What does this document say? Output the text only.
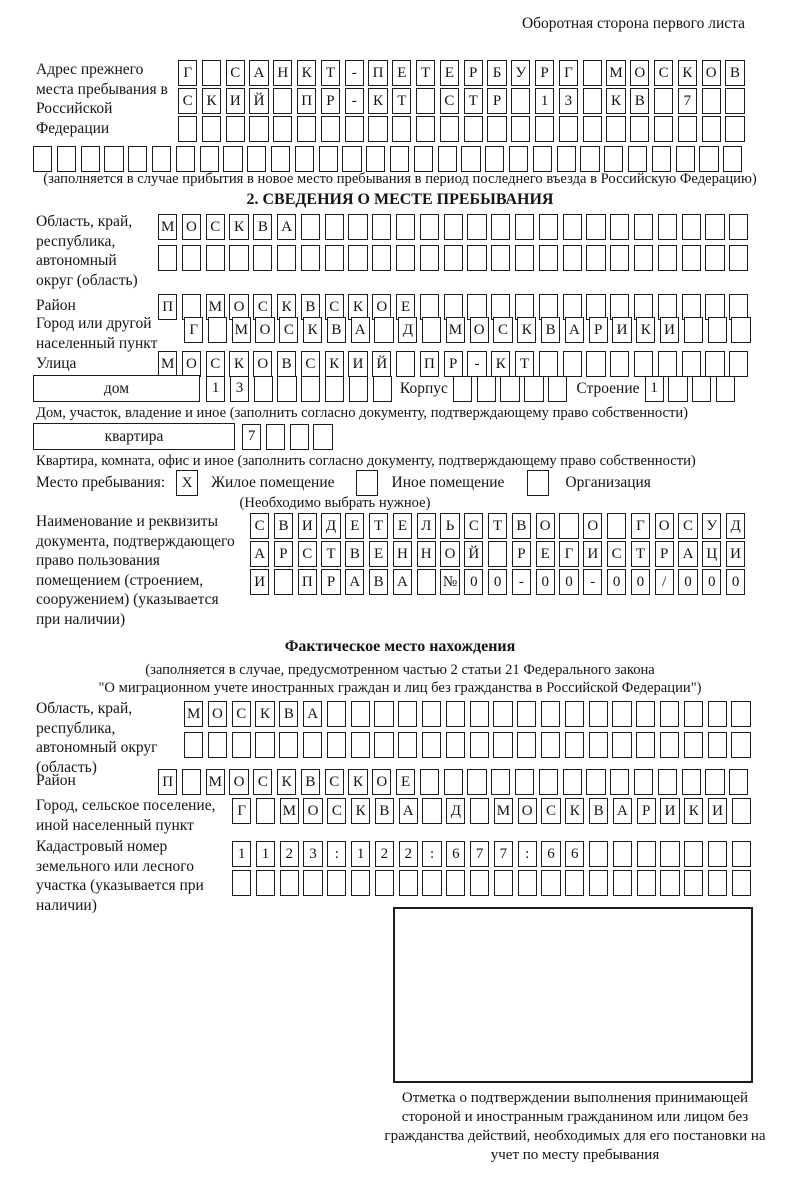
Оборотная сторона первого листа
Адрес прежнего места пребывания в Российской Федерации
Г	С А Н К Т	-	П Е Т Е	Р	Б У Р	Г	М О С К О В
С К И Й П Р	-	К Т	С Т	Р	1	3	К В	7
(заполняется в случае прибытия в новое место пребывания в период последнего въезда в Российскую Федерацию)
2. СВЕДЕНИЯ О МЕСТЕ ПРЕБЫВАНИЯ
Область, край, республика, автономный округ (область)
М О С К В А
Район	П М О С К В С К О Е
Город или другой населенный пункт
Г	М О С К В А	Д	М О С К В А Р И К И
Улица	М О С К О В С К И Й П Р	-	К Т
дом	1	3	Корпус	Строение 1
Дом, участок, владение и иное (заполнить согласно документу, подтверждающему право собственности)
квартира	7
Квартира, комната, офис и иное (заполнить согласно документу, подтверждающему право собственности)
Место пребывания:	X	Жилое помещение	Иное помещение	Организация
(Необходимо выбрать нужное)
Наименование и реквизиты документа, подтверждающего право пользования помещением (строением, сооружением) (указывается при наличии)
С В И Д Е Т Е Л Ь С Т В О О	Г О С У Д
А Р С Т В Е Н Н О Й	Р	Е Г И С Т	Р А Ц И
И П Р А В А № 0	0	-	0	0	-	0	0	/	0	0	0
Фактическое место нахождения
(заполняется в случае, предусмотренном частью 2 статьи 21 Федерального закона
"О миграционном учете иностранных граждан и лиц без гражданства в Российской Федерации")
Область, край, республика, автономный округ (область)
М О С К В А
Район	П М О С К В С К О Е
Город, сельское поселение, иной населенный пункт
Г	М О С К В А	Д	М О С К В А Р И К И
Кадастровый номер земельного или лесного участка (указывается при наличии)
1	1	2	3	:	1	2	2	:	6	7	7	:	6	6
Отметка о подтверждении выполнения принимающей стороной и иностранным гражданином или лицом без гражданства действий, необходимых для его постановки на учет по месту пребывания
